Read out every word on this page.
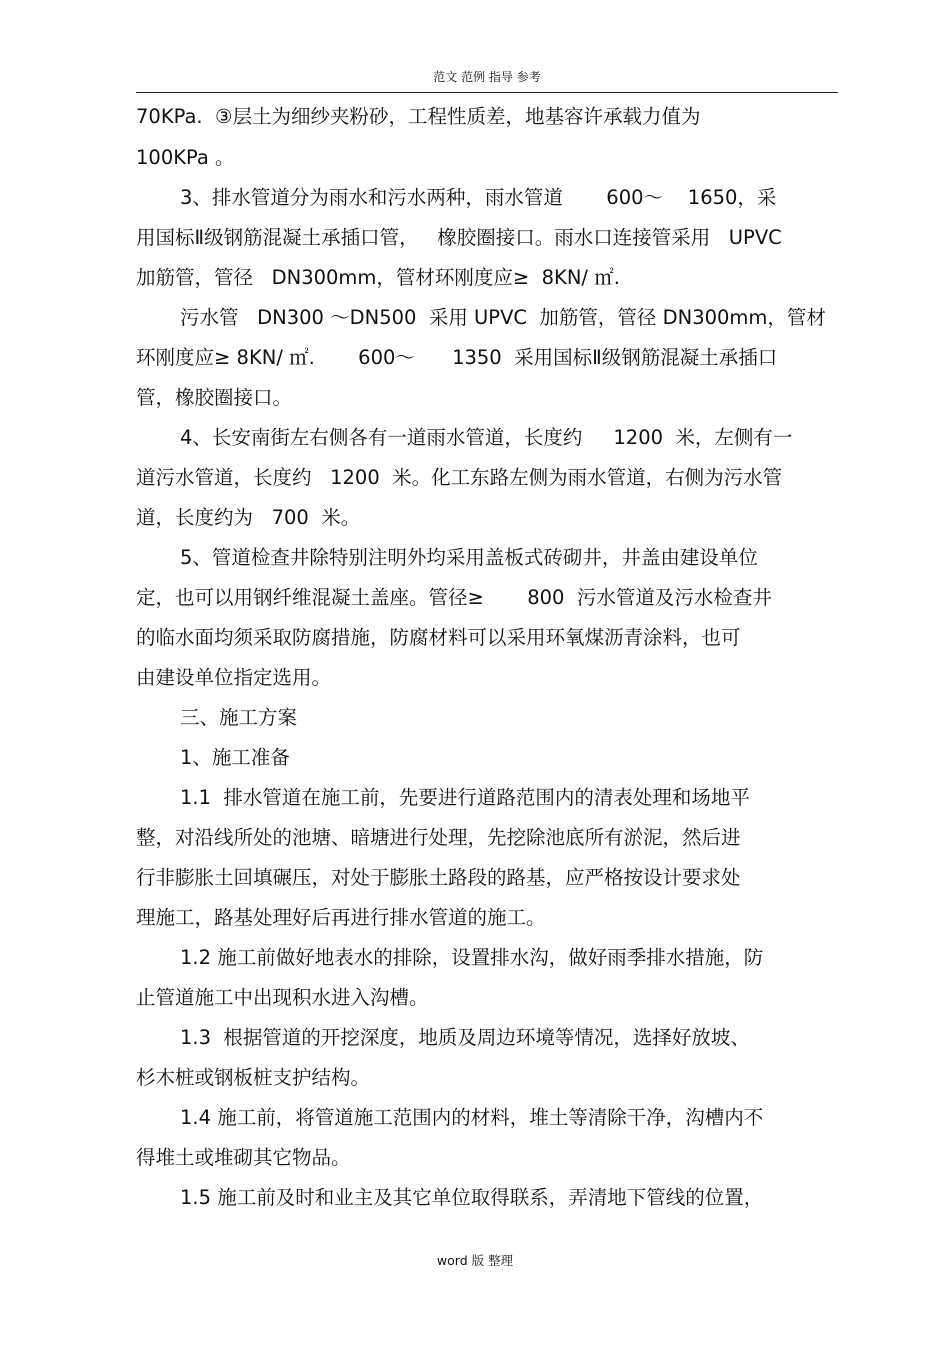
范文 范例 指导 参考
70KPa.  ③层土为细纱夹粉砂，工程性质差，地基容许承载力值为
100KPa 。
3、排水管道分为雨水和污水两种，雨水管道       600～    1650，采
用国标Ⅱ级钢筋混凝土承插口管，   橡胶圈接口。雨水口连接管采用   UPVC
加筋管，管径   DN300mm，管材环刚度应≥  8KN/ ㎡.
污水管   DN300 ～DN500  采用 UPVC  加筋管，管径 DN300mm，管材
环刚度应≥ 8KN/ ㎡.       600～      1350  采用国标Ⅱ级钢筋混凝土承插口
管，橡胶圈接口。
4、长安南街左右侧各有一道雨水管道，长度约     1200  米，左侧有一
道污水管道，长度约   1200  米。化工东路左侧为雨水管道，右侧为污水管
道，长度约为   700  米。
5、管道检查井除特别注明外均采用盖板式砖砌井，井盖由建设单位
定，也可以用钢纤维混凝土盖座。管径≥       800  污水管道及污水检查井
的临水面均须采取防腐措施，防腐材料可以采用环氧煤沥青涂料，也可
由建设单位指定选用。
三、施工方案
1、施工准备
1.1  排水管道在施工前，先要进行道路范围内的清表处理和场地平
整，对沿线所处的池塘、暗塘进行处理，先挖除池底所有淤泥，然后进
行非膨胀土回填碾压，对处于膨胀土路段的路基，应严格按设计要求处
理施工，路基处理好后再进行排水管道的施工。
1.2 施工前做好地表水的排除，设置排水沟，做好雨季排水措施，防
止管道施工中出现积水进入沟槽。
1.3  根据管道的开挖深度，地质及周边环境等情况，选择好放坡、
杉木桩或钢板桩支护结构。
1.4 施工前，将管道施工范围内的材料，堆土等清除干净，沟槽内不
得堆土或堆砌其它物品。
1.5 施工前及时和业主及其它单位取得联系，弄清地下管线的位置，
word 版 整理
